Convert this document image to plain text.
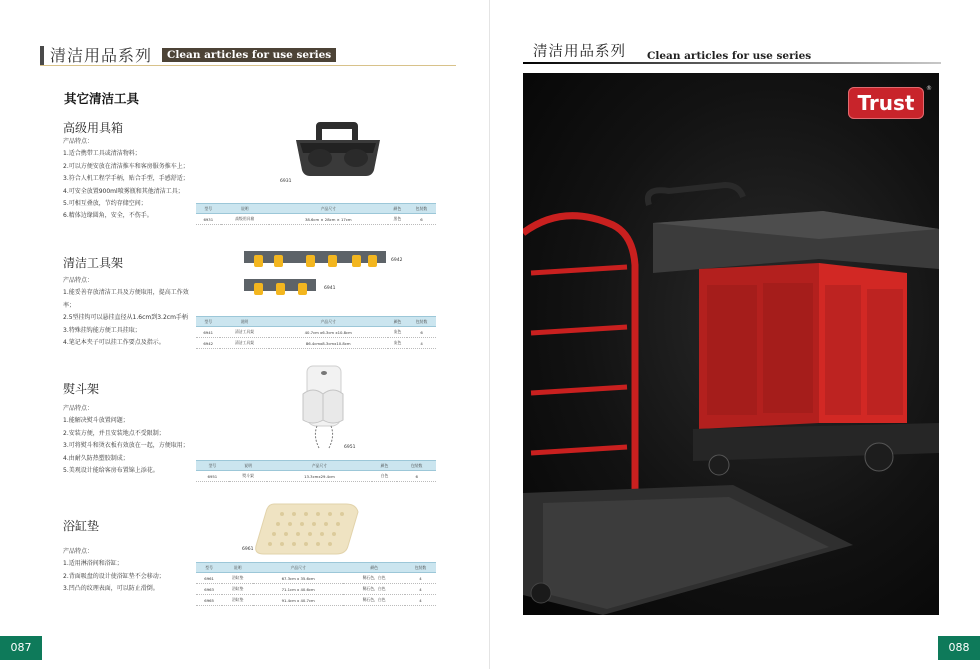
清洁用品系列	Clean articles for use series
其它清洁工具
高级用具箱
产品特点：
1.适合携带工具或清洁物料；
2.可以方便安放在清洁推车和客房服务推车上；
3.符合人机工程学手柄，贴合手型，手感舒适；
4.可安全放置900ml喷雾瓶和其他清洁工具；
5.可相互叠放，节约存储空间；
6.精体边缘圆角，安全，不伤手。
6931
型号	说明	产品尺寸	颜色	包装数
6931	高级用具箱	38.6cm × 28cm × 17cm	黑色	6
清洁工具架
产品特点：
1.能妥善存放清洁工具及方便取用，提高工作效
率；
2.5型挂钩可以悬挂直径从1.6cm到3.2cm手柄
3.特殊挂钩能方便工具挂取；
4.笔记本夹子可以挂工作要点及指示。
6942
6941
型号	说明	产品尺寸	颜色	包装数
6941	清洁工具架	40.7cm x6.3cm x10.8cm	灰色	6
6942	清洁工具架	86.4cmx8.3cmx10.8cm	灰色	4
熨斗架
产品特点：
1.能解决熨斗放置问题；
2.安装方便，并且安装地点不受限制；
3.可将熨斗和烫衣板有效放在一起，方便取用；
4.由耐久防热塑胶制成；
5.美观设计能给客房布置锦上添花。
6951
型号	说明	产品尺寸	颜色	包装数
6951	熨斗架	13.3cmx29.4cm	白色	6
浴缸垫
产品特点：
1.适用淋浴间和浴缸；
2.背面吸盘的设计使浴缸垫不会移动；
3.凹凸的纹理表面，可以防止滑倒。
6961
型号	说明	产品尺寸	颜色	包装数
6961	浴缸垫	67.3cm x 35.6cm	稀石色，白色	4
6963	浴缸垫	71.1cm x 40.6cm	稀石色，白色	4
6965	浴缸垫	91.4cm x 40.7cm	稀石色，白色	4
087
清洁用品系列 Clean articles for use series
Trust
®
088
